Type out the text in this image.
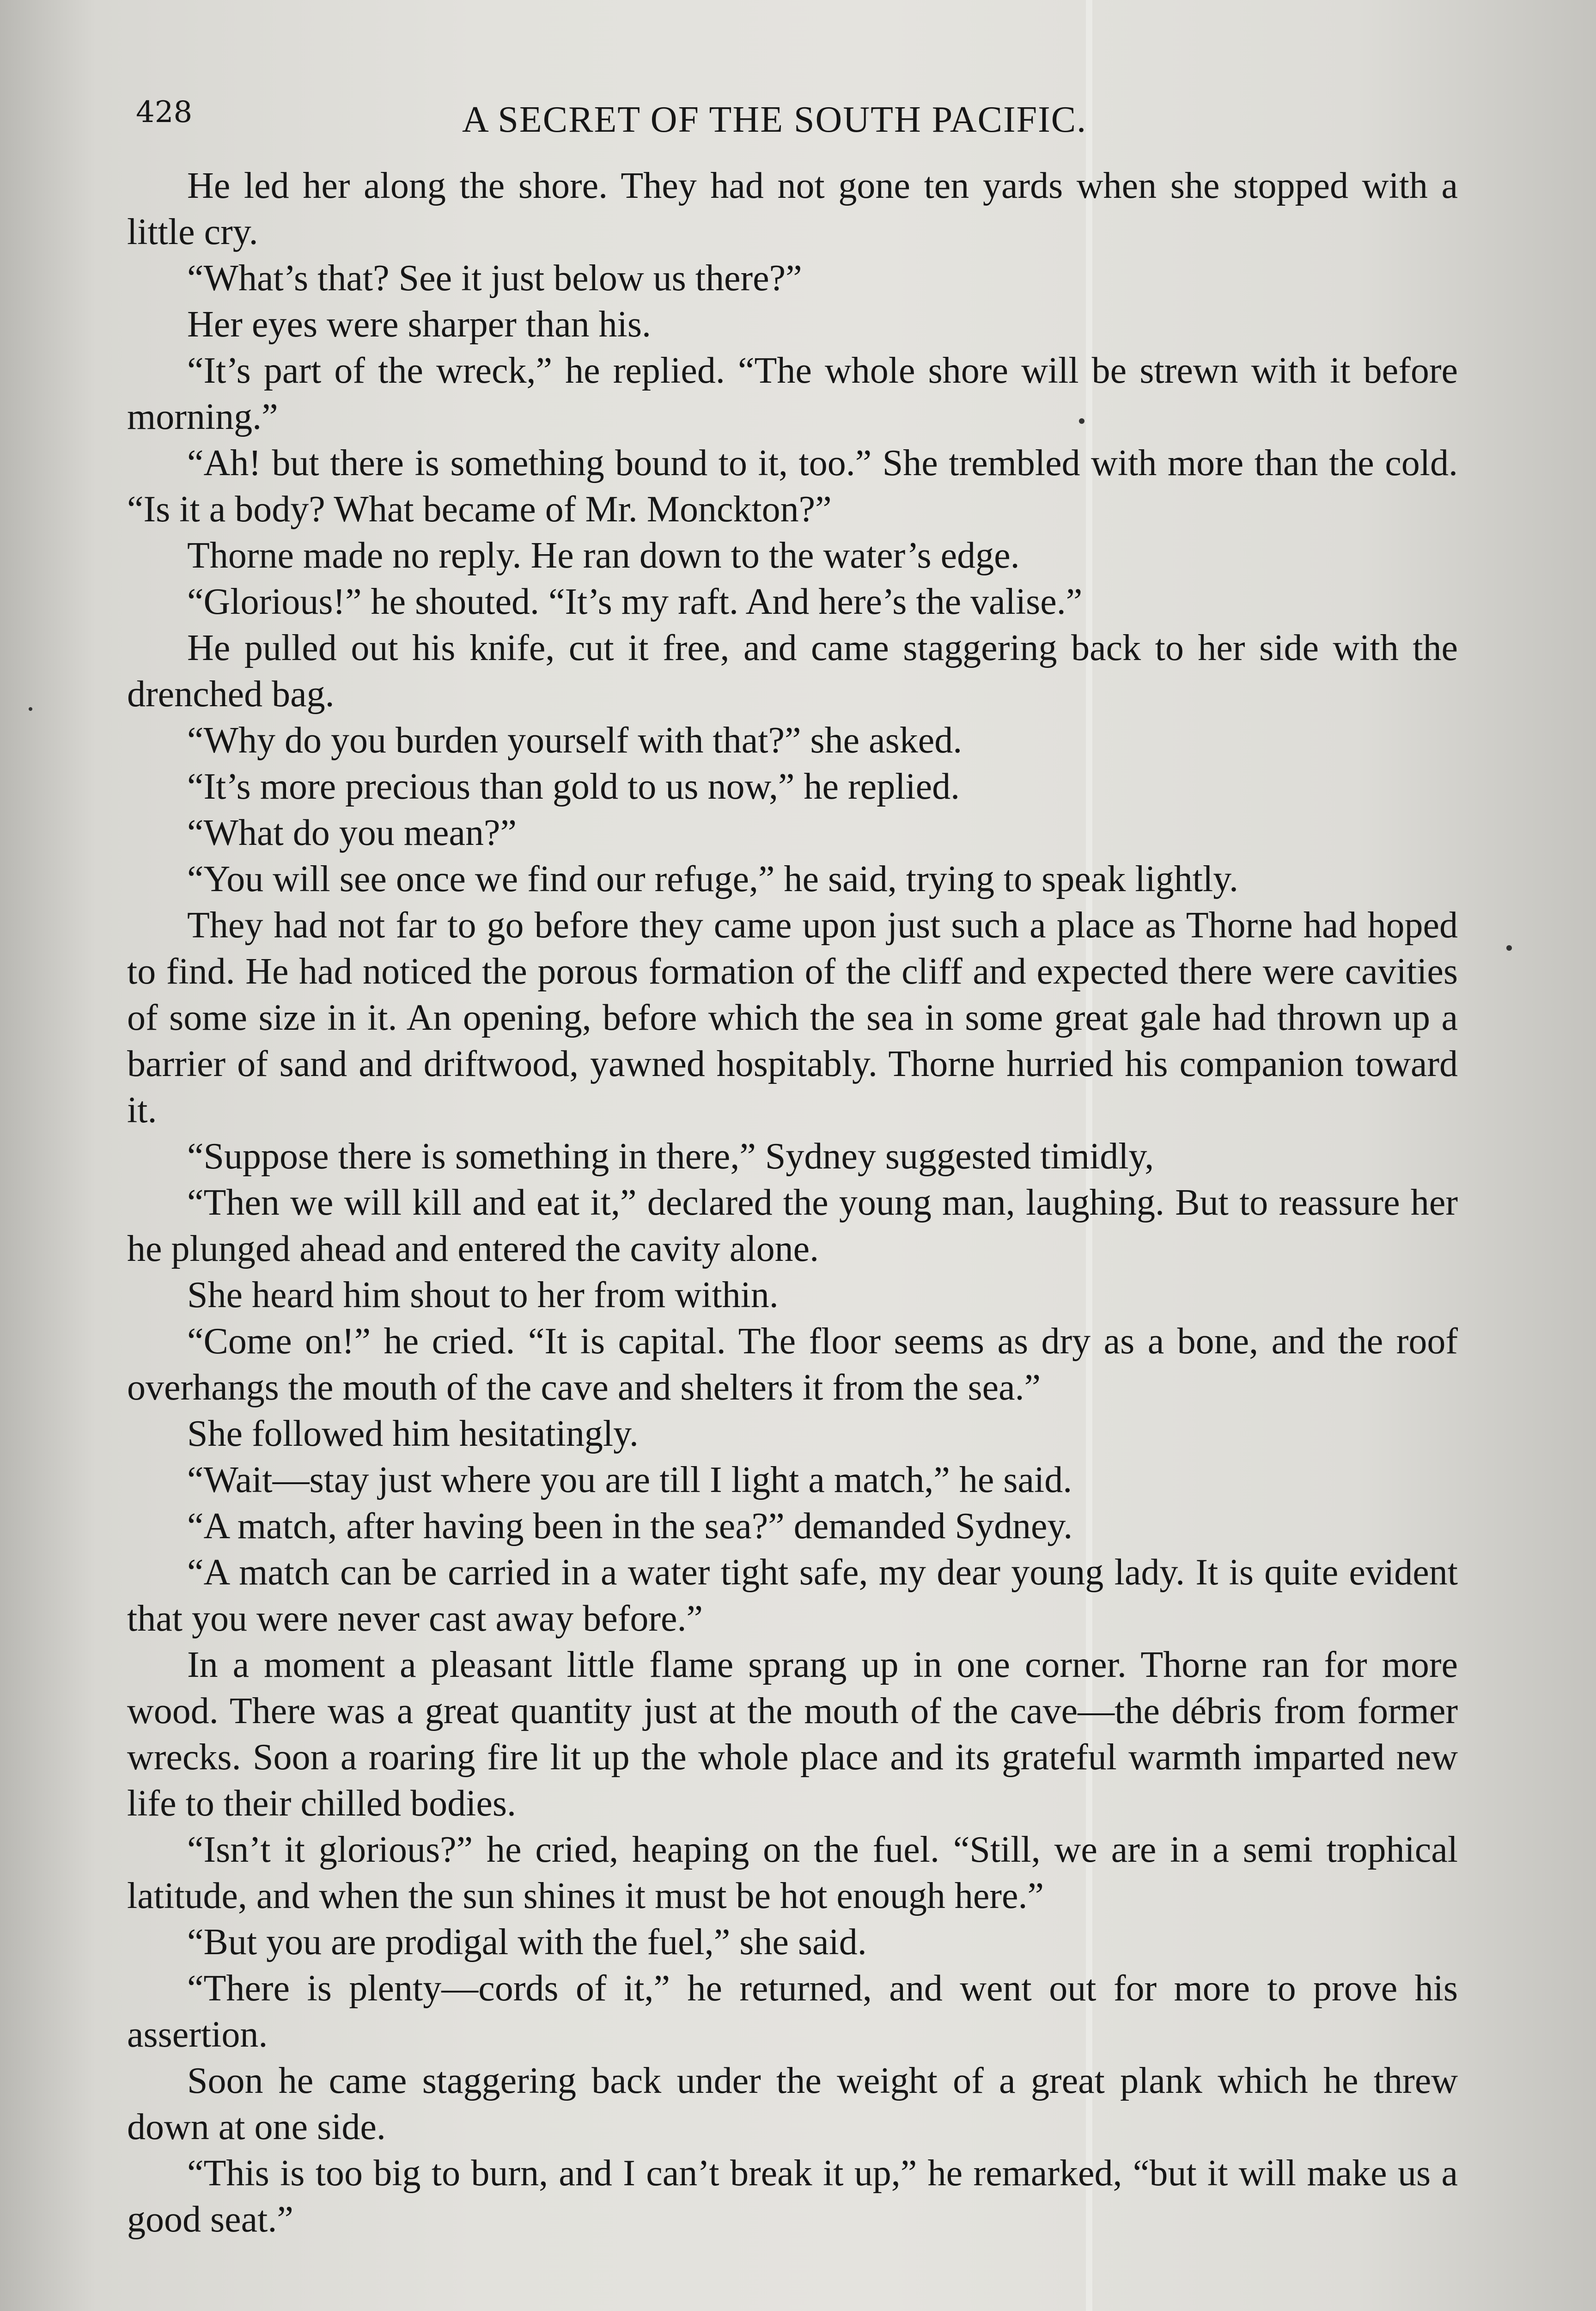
428	A SECRET OF THE SOUTH PACIFIC.

He led her along the shore. They had not gone ten yards when she stopped with a little cry.

“What’s that? See it just below us there?”

Her eyes were sharper than his.

“It’s part of the wreck,” he replied. “The whole shore will be strewn with it before morning.”

“Ah! but there is something bound to it, too.” She trembled with more than the cold. “Is it a body? What became of Mr. Monckton?”

Thorne made no reply. He ran down to the water’s edge.

“Glorious!” he shouted. “It’s my raft. And here’s the valise.”

He pulled out his knife, cut it free, and came staggering back to her side with the drenched bag.

“Why do you burden yourself with that?” she asked.

“It’s more precious than gold to us now,” he replied.

“What do you mean?”

“You will see once we find our refuge,” he said, trying to speak lightly.

They had not far to go before they came upon just such a place as Thorne had hoped to find. He had noticed the porous formation of the cliff and expected there were cavities of some size in it. An opening, before which the sea in some great gale had thrown up a barrier of sand and driftwood, yawned hospitably. Thorne hurried his companion toward it.

“Suppose there is something in there,” Sydney suggested timidly,

“Then we will kill and eat it,” declared the young man, laughing. But to reassure her he plunged ahead and entered the cavity alone.

She heard him shout to her from within.

“Come on!” he cried. “It is capital. The floor seems as dry as a bone, and the roof overhangs the mouth of the cave and shelters it from the sea.”

She followed him hesitatingly.

“Wait—stay just where you are till I light a match,” he said.

“A match, after having been in the sea?” demanded Sydney.

“A match can be carried in a water tight safe, my dear young lady. It is quite evident that you were never cast away before.”

In a moment a pleasant little flame sprang up in one corner. Thorne ran for more wood. There was a great quantity just at the mouth of the cave—the débris from former wrecks. Soon a roaring fire lit up the whole place and its grateful warmth imparted new life to their chilled bodies.

“Isn’t it glorious?” he cried, heaping on the fuel. “Still, we are in a semi trophical latitude, and when the sun shines it must be hot enough here.”

“But you are prodigal with the fuel,” she said.

“There is plenty—cords of it,” he returned, and went out for more to prove his assertion.

Soon he came staggering back under the weight of a great plank which he threw down at one side.

“This is too big to burn, and I can’t break it up,” he remarked, “but it will make us a good seat.”
